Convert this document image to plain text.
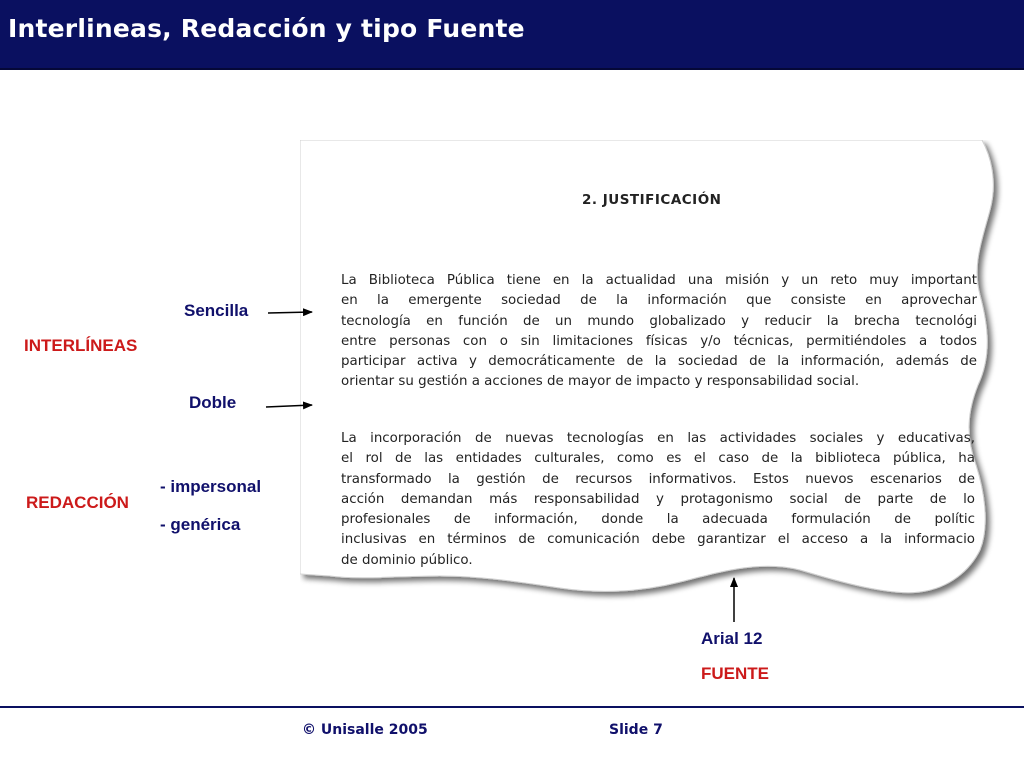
Interlineas, Redacción y tipo Fuente
INTERLÍNEAS
Sencilla
Doble
REDACCIÓN
- impersonal
- genérica
Arial 12
FUENTE
2. JUSTIFICACIÓN
La Biblioteca Pública tiene en la actualidad una misión y un reto muy important
en la emergente sociedad de la información que consiste en aprovechar
tecnología en función de un mundo globalizado y reducir la brecha tecnológi
entre personas con o sin limitaciones físicas y/o técnicas, permitiéndoles a todos
participar activa y democráticamente de la sociedad de la información, además de
orientar su gestión a acciones de mayor de impacto y responsabilidad social.
La incorporación de nuevas tecnologías en las actividades sociales y educativas,
el rol de las entidades culturales, como es el caso de la biblioteca pública, ha
transformado la gestión de recursos informativos. Estos nuevos escenarios de
acción demandan más responsabilidad y protagonismo social de parte de lo
profesionales de información, donde la adecuada formulación de polític
inclusivas en términos de comunicación debe garantizar el acceso a la informacio
de dominio público.
© Unisalle 2005	Slide 7
